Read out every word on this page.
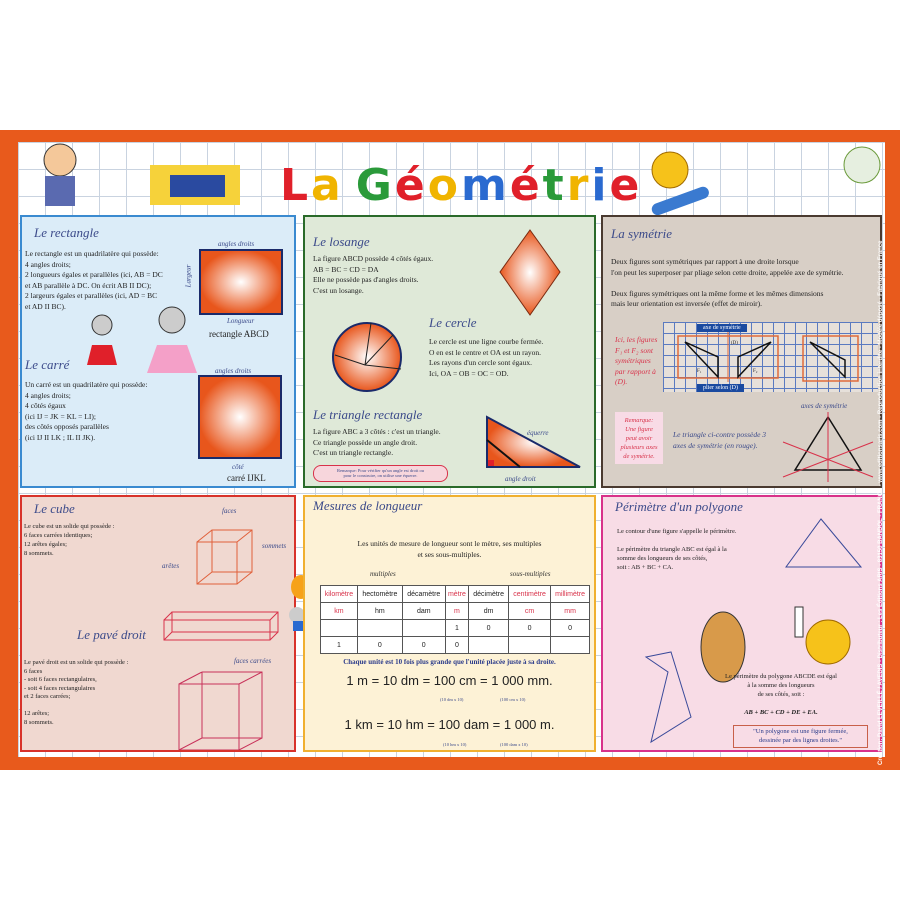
La Géométrie
Le rectangle
Le rectangle est un quadrilatère qui possède:
4 angles droits;
2 longueurs égales et parallèles (ici, AB = DC
et AB parallèle à DC. On écrit AB II DC);
2 largeurs égales et parallèles (ici, AD = BC
et AD II BC).
angles droits
Longueur
Largeur
rectangle ABCD
Le carré
Un carré est un quadrilatère qui possède:
4 angles droits;
4 côtés égaux
(ici IJ = JK = KL = LI);
des côtés opposés parallèles
(ici IJ II LK ; IL II JK).
angles droits
côté
carré IJKL
Le losange
La figure ABCD possède 4 côtés égaux.
AB = BC = CD = DA
Elle ne possède pas d'angles droits.
C'est un losange.
Le cercle
Le cercle est une ligne courbe fermée.
O en est le centre et OA est un rayon.
Les rayons d'un cercle sont égaux.
Ici, OA = OB = OC = OD.
Le triangle rectangle
La figure ABC a 3 côtés : c'est un triangle.
Ce triangle possède un angle droit.
C'est un triangle rectangle.
Remarque: Pour vérifier qu'un angle est droit ou
pour le construire, on utilise une équerre.
équerre
angle droit
La symétrie
Deux figures sont symétriques par rapport à une droite lorsque
l'on peut les superposer par pliage selon cette droite, appelée axe de symétrie.

Deux figures symétriques ont la même forme et les mêmes dimensions
mais leur orientation est inversée (effet de miroir).
Ici, les figures
F₁ et F₂ sont
symétriques
par rapport à
(D).
axe de symétrie
plier selon (D)
(D)
F₁	F₂
Remarque:
Une figure
peut avoir
plusieurs axes
de symétrie.
Le triangle ci-contre possède 3
axes de symétrie (en rouge).
axes de symétrie
Le cube
Le cube est un solide qui possède :
6 faces carrées identiques;
12 arêtes égales;
8 sommets.
faces
sommets
arêtes
Le pavé droit
Le pavé droit est un solide qui possède :
6 faces
- soit 6 faces rectangulaires,
- soit 4 faces rectangulaires
et 2 faces carrées;

12 arêtes;
8 sommets.
faces carrées
Mesures de longueur
Les unités de mesure de longueur sont le mètre, ses multiples
et ses sous-multiples.
multiples	sous-multiples
kilomètre	hectomètre	décamètre	mètre	décimètre	centimètre	millimètre
km	hm	dam	m	dm	cm	mm
			1	0	0	0
1	0	0	0			
Chaque unité est 10 fois plus grande que l'unité placée juste à sa droite.
1 m = 10 dm = 100 cm = 1 000 mm.
(10 dm x 10)	(100 cm x 10)
1 km = 10 hm = 100 dam = 1 000 m.
(10 hm x 10)	(100 dam x 10)
Périmètre d'un polygone
Le contour d'une figure s'appelle le périmètre.

Le périmètre du triangle ABC est égal à la
somme des longueurs de ses côtés,
soit : AB + BC + CA.
Le périmètre du polygone ABCDE est égal
à la somme des longueurs
de ses côtés, soit :

AB + BC + CD + DE + EA.
"Un polygone est une figure fermée,
dessinée par des lignes droites."	Création: David LEVEILLÉ / AVEDIS - Distributeur : Les Éditions ARIS - 83150 BANDOL - FRANCE - www.editionsaris.com - Reproduction interdite - Modèle déposé - Fabriqué en France
